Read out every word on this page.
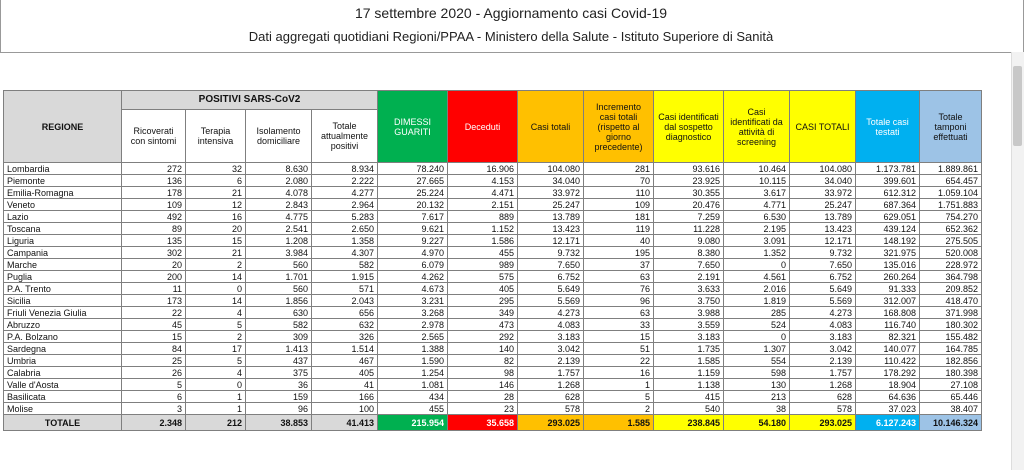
17 settembre 2020 - Aggiornamento casi Covid-19
Dati aggregati quotidiani Regioni/PPAA - Ministero della Salute - Istituto Superiore di Sanità
REGIONE	POSITIVI SARS-CoV2				DIMESSI GUARITI	Deceduti	Casi totali	Incremento casi totali (rispetto al giorno precedente)	Casi identificati dal sospetto diagnostico	Casi identificati da attività di screening	CASI TOTALI	Totale casi testati	Totale tamponi effettuati
	Ricoverati con sintomi	Terapia intensiva	Isolamento domiciliare	Totale attualmente positivi									
Lombardia	272	32	8.630	8.934	78.240	16.906	104.080	281	93.616	10.464	104.080	1.173.781	1.889.861
Piemonte	136	6	2.080	2.222	27.665	4.153	34.040	70	23.925	10.115	34.040	399.601	654.457
Emilia-Romagna	178	21	4.078	4.277	25.224	4.471	33.972	110	30.355	3.617	33.972	612.312	1.059.104
Veneto	109	12	2.843	2.964	20.132	2.151	25.247	109	20.476	4.771	25.247	687.364	1.751.883
Lazio	492	16	4.775	5.283	7.617	889	13.789	181	7.259	6.530	13.789	629.051	754.270
Toscana	89	20	2.541	2.650	9.621	1.152	13.423	119	11.228	2.195	13.423	439.124	652.362
Liguria	135	15	1.208	1.358	9.227	1.586	12.171	40	9.080	3.091	12.171	148.192	275.505
Campania	302	21	3.984	4.307	4.970	455	9.732	195	8.380	1.352	9.732	321.975	520.008
Marche	20	2	560	582	6.079	989	7.650	37	7.650	0	7.650	135.016	228.972
Puglia	200	14	1.701	1.915	4.262	575	6.752	63	2.191	4.561	6.752	260.264	364.798
P.A. Trento	11	0	560	571	4.673	405	5.649	76	3.633	2.016	5.649	91.333	209.852
Sicilia	173	14	1.856	2.043	3.231	295	5.569	96	3.750	1.819	5.569	312.007	418.470
Friuli Venezia Giulia	22	4	630	656	3.268	349	4.273	63	3.988	285	4.273	168.808	371.998
Abruzzo	45	5	582	632	2.978	473	4.083	33	3.559	524	4.083	116.740	180.302
P.A. Bolzano	15	2	309	326	2.565	292	3.183	15	3.183	0	3.183	82.321	155.482
Sardegna	84	17	1.413	1.514	1.388	140	3.042	51	1.735	1.307	3.042	140.077	164.785
Umbria	25	5	437	467	1.590	82	2.139	22	1.585	554	2.139	110.422	182.856
Calabria	26	4	375	405	1.254	98	1.757	16	1.159	598	1.757	178.292	180.398
Valle d'Aosta	5	0	36	41	1.081	146	1.268	1	1.138	130	1.268	18.904	27.108
Basilicata	6	1	159	166	434	28	628	5	415	213	628	64.636	65.446
Molise	3	1	96	100	455	23	578	2	540	38	578	37.023	38.407
TOTALE	2.348	212	38.853	41.413	215.954	35.658	293.025	1.585	238.845	54.180	293.025	6.127.243	10.146.324
